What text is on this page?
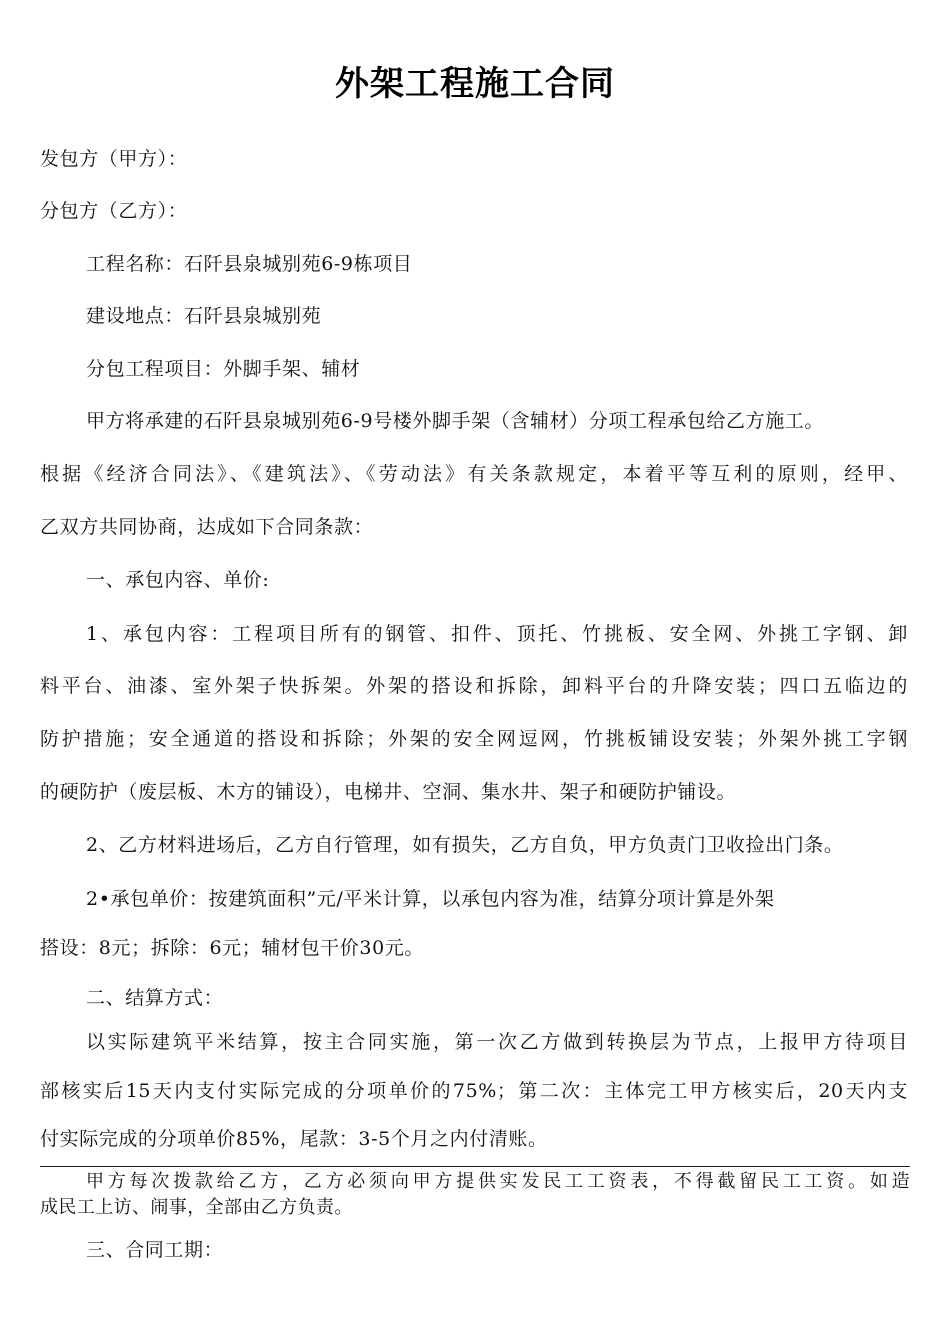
外架工程施工合同
发包方（甲方）：
分包方（乙方）：
工程名称：石阡县泉城别苑6-9栋项目
建设地点：石阡县泉城别苑
分包工程项目：外脚手架、辅材
甲方将承建的石阡县泉城别苑6-9号楼外脚手架（含辅材）分项工程承包给乙方施工。
根据《经济合同法》、《建筑法》、《劳动法》有关条款规定，本着平等互利的原则，经甲、
乙双方共同协商，达成如下合同条款：
一、承包内容、单价:
1、承包内容：工程项目所有的钢管、扣件、顶托、竹挑板、安全网、外挑工字钢、卸
料平台、油漆、室外架子快拆架。外架的搭设和拆除，卸料平台的升降安装；四口五临边的
防护措施；安全通道的搭设和拆除；外架的安全网逗网，竹挑板铺设安装；外架外挑工字钢
的硬防护（废层板、木方的铺设），电梯井、空洞、集水井、架子和硬防护铺设。
2、乙方材料进场后，乙方自行管理，如有损失，乙方自负，甲方负责门卫收捡出门条。
2•承包单价：按建筑面积”元/平米计算，以承包内容为准，结算分项计算是外架
搭设：8元；拆除：6元；辅材包干价30元。
二、结算方式：
以实际建筑平米结算，按主合同实施，第一次乙方做到转换层为节点，上报甲方待项目
部核实后15天内支付实际完成的分项单价的75%；第二次：主体完工甲方核实后，20天内支
付实际完成的分项单价85%，尾款：3-5个月之内付清账。
甲方每次拨款给乙方，乙方必须向甲方提供实发民工工资表，不得截留民工工资。如造
成民工上访、闹事，全部由乙方负责。
三、合同工期：
